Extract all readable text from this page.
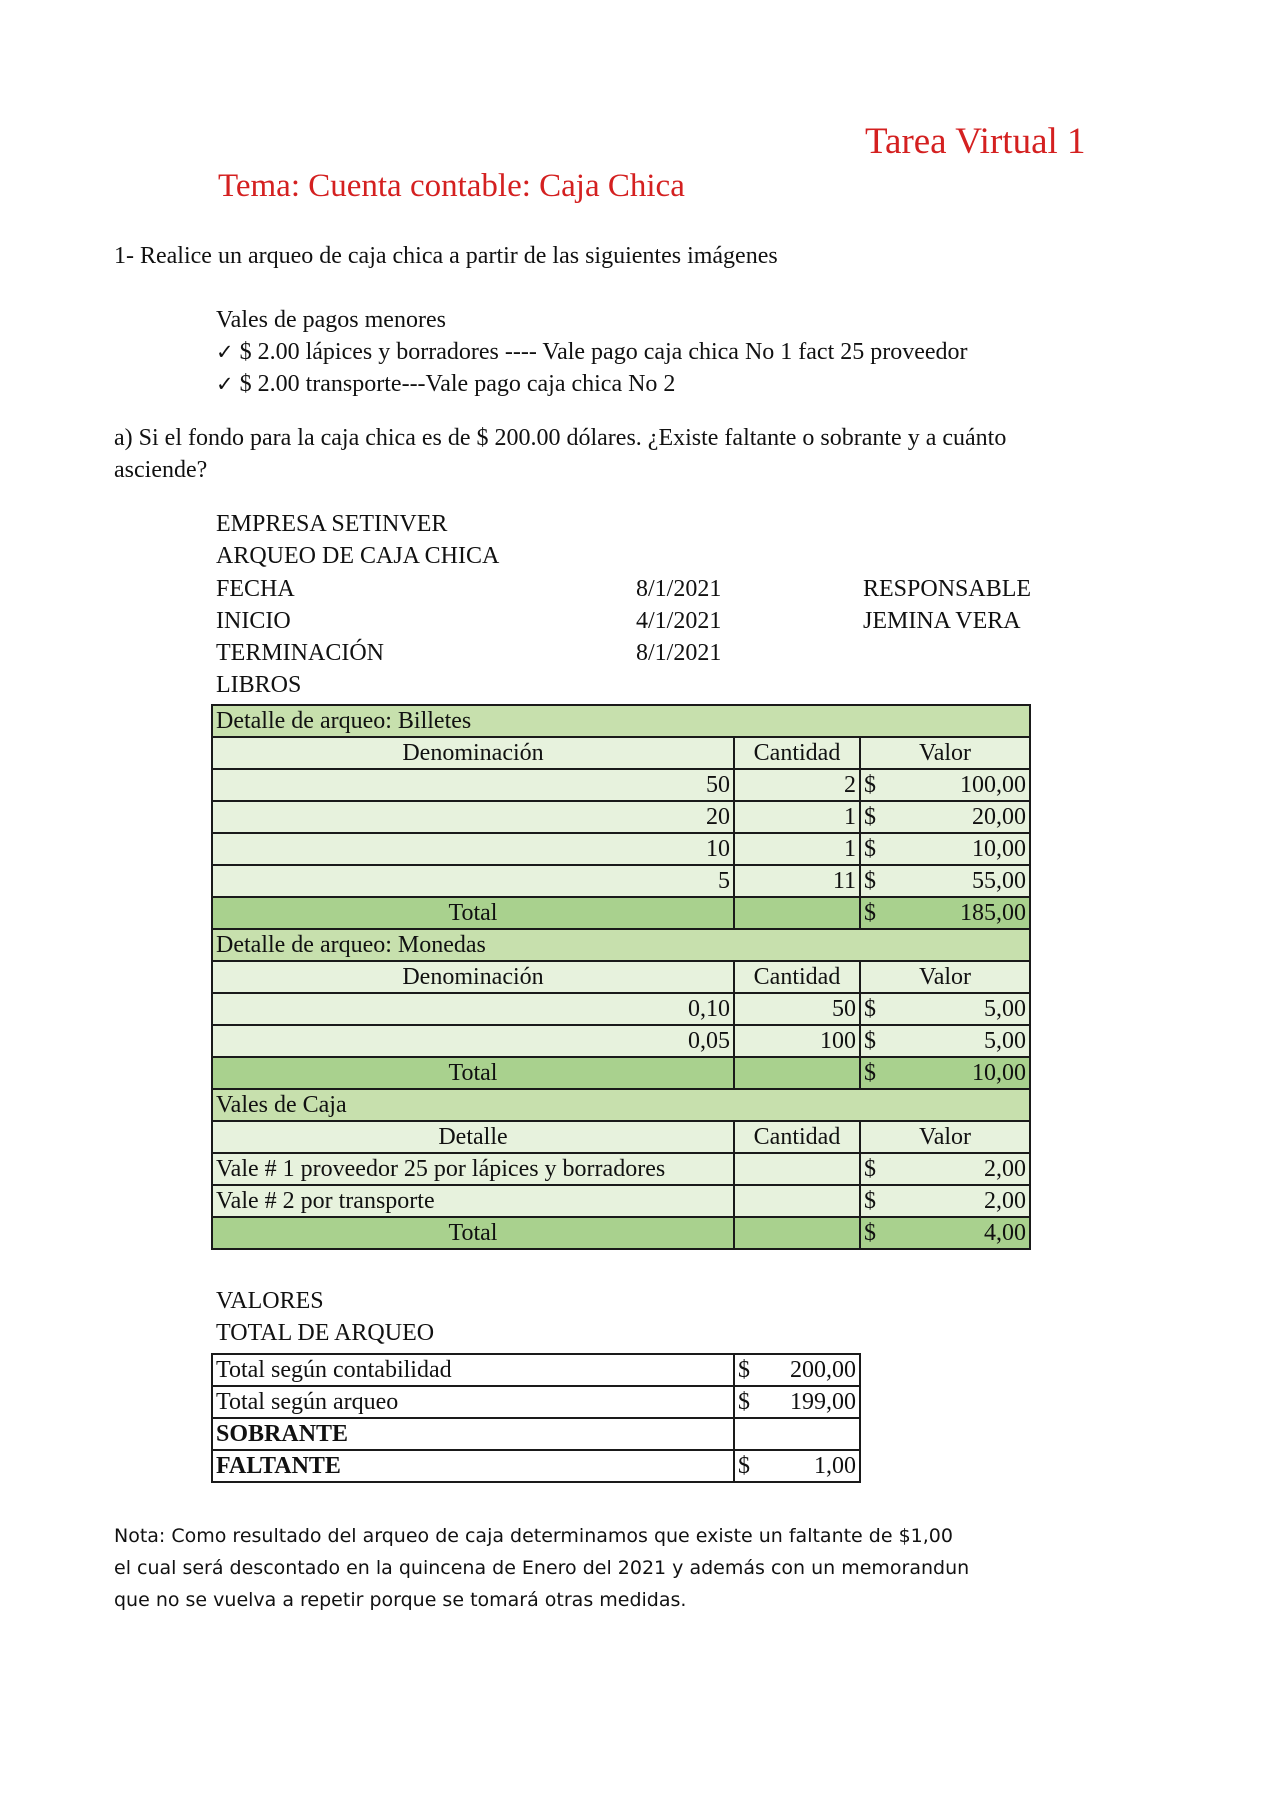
Tarea Virtual 1
Tema: Cuenta contable: Caja Chica
1- Realice un arqueo de caja chica a partir de las siguientes imágenes
Vales de pagos menores
✓ $ 2.00 lápices y borradores ---- Vale pago caja chica No 1 fact 25 proveedor
✓ $ 2.00 transporte---Vale pago caja chica No 2
a) Si el fondo para la caja chica es de $ 200.00 dólares. ¿Existe faltante o sobrante y a cuánto
asciende?
EMPRESA SETINVER
ARQUEO DE CAJA CHICA
FECHA	8/1/2021	RESPONSABLE
INICIO	4/1/2021	JEMINA VERA
TERMINACIÓN	8/1/2021
LIBROS
Detalle de arqueo: Billetes		
Denominación	Cantidad	Valor
50	2	$ 100,00

20	1	$ 20,00

10	1	$ 10,00

5	11	$ 55,00

Total		$ 185,00

Detalle de arqueo: Monedas		
Denominación	Cantidad	Valor
0,10	50	$ 5,00

0,05	100	$ 5,00

Total		$ 10,00

Vales de Caja		
Detalle	Cantidad	Valor
Vale # 1 proveedor 25 por lápices y borradores		$ 2,00

Vale # 2 por transporte		$ 2,00

Total		$ 4,00
VALORES
TOTAL DE ARQUEO
Total según contabilidad	$ 200,00

Total según arqueo	$ 199,00

SOBRANTE	
FALTANTE	$ 1,00
Nota: Como resultado del arqueo de caja determinamos que existe un faltante de $1,00
el cual será descontado en la quincena de Enero del 2021 y además con un memorandun
que no se vuelva a repetir porque se tomará otras medidas.
